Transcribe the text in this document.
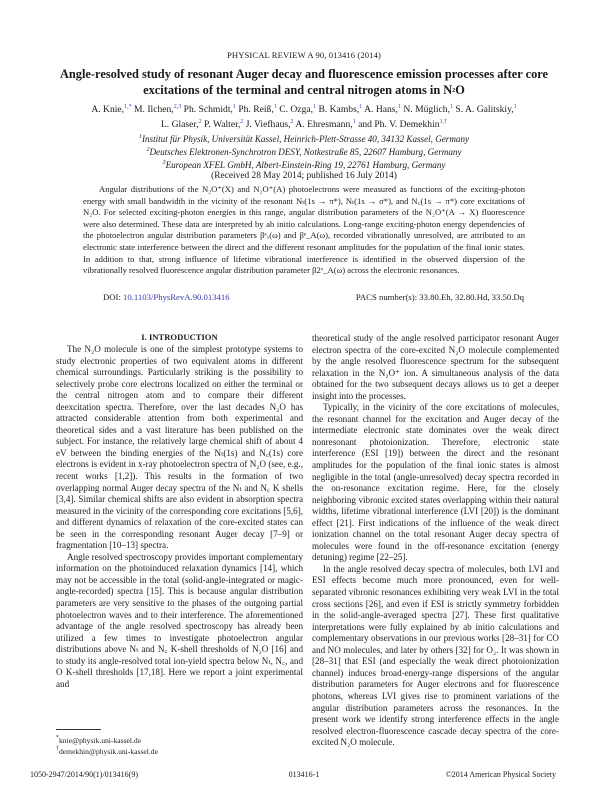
PHYSICAL REVIEW A 90, 013416 (2014)
Angle-resolved study of resonant Auger decay and fluorescence emission processes after core
excitations of the terminal and central nitrogen atoms in $N_2O$
A. Knie,$^{1,*}$ M. Ilchen,$^{2,3}$ Ph. Schmidt,$^1$ Ph. Reiß,$^1$ C. Ozga,$^1$ B. Kambs,$^1$ A. Hans,$^1$ N. Müglich,$^1$ S. A. Galitskiy,$^1$
L. Glaser,$^2$ P. Walter,$^2$ J. Viefhaus,$^2$ A. Ehresmann,$^1$ and Ph. V. Demekhin$^{1,\dagger}$
$^1$Institut für Physik, Universität Kassel, Heinrich-Plett-Strasse 40, 34132 Kassel, Germany
$^2$Deutsches Elektronen-Synchrotron DESY, Notkestraße 85, 22607 Hamburg, Germany
$^3$European XFEL GmbH, Albert-Einstein-Ring 19, 22761 Hamburg, Germany
(Received 28 May 2014; published 16 July 2014)
Angular distributions of the N₂O⁺(X) and N₂O⁺(A) photoelectrons were measured as functions of the exciting-photon energy with small bandwidth in the vicinity of the resonant Nₜ(1s → π*), Nₜ(1s → σ*), and N꜀(1s → π*) core excitations of N₂O. For selected exciting-photon energies in this range, angular distribution parameters of the N₂O⁺(A → X) fluorescence were also determined. These data are interpreted by ab initio calculations. Long-range exciting-photon energy dependencies of the photoelectron angular distribution parameters βᵉₓ(ω) and βᵉ_A(ω), recorded vibrationally unresolved, are attributed to an electronic state interference between the direct and the different resonant amplitudes for the population of the final ionic states. In addition to that, strong influence of lifetime vibrational interference is identified in the observed dispersion of the vibrationally resolved fluorescence angular distribution parameter β2ˣ_A(ω) across the electronic resonances.
DOI: 10.1103/PhysRevA.90.013416	PACS number(s): 33.80.Eh, 32.80.Hd, 33.50.Dq
I. INTRODUCTION

The N₂O molecule is one of the simplest prototype systems to study electronic properties of two equivalent atoms in different chemical surroundings. Particularly striking is the possibility to selectively probe core electrons localized on either the terminal or the central nitrogen atom and to compare their different deexcitation spectra. Therefore, over the last decades N₂O has attracted considerable attention from both experimental and theoretical sides and a vast literature has been published on the subject. For instance, the relatively large chemical shift of about 4 eV between the binding energies of the Nₜ(1s) and N꜀(1s) core electrons is evident in x-ray photoelectron spectra of N₂O (see, e.g., recent works [1,2]). This results in the formation of two overlapping normal Auger decay spectra of the Nₜ and N꜀ K shells [3,4]. Similar chemical shifts are also evident in absorption spectra measured in the vicinity of the corresponding core excitations [5,6], and different dynamics of relaxation of the core-excited states can be seen in the corresponding resonant Auger decay [7–9] or fragmentation [10–13] spectra.

Angle resolved spectroscopy provides important complementary information on the photoinduced relaxation dynamics [14], which may not be accessible in the total (solid-angle-integrated or magic-angle-recorded) spectra [15]. This is because angular distribution parameters are very sensitive to the phases of the outgoing partial photoelectron waves and to their interference. The aforementioned advantage of the angle resolved spectroscopy has already been utilized a few times to investigate photoelectron angular distributions above Nₜ and N꜀ K-shell thresholds of N₂O [16] and to study its angle-resolved total ion-yield spectra below Nₜ, N꜀, and O K-shell thresholds [17,18]. Here we report a joint experimental and

theoretical study of the angle resolved participator resonant Auger electron spectra of the core-excited N₂O molecule complemented by the angle resolved fluorescence spectrum for the subsequent relaxation in the N₂O⁺ ion. A simultaneous analysis of the data obtained for the two subsequent decays allows us to get a deeper insight into the processes.

Typically, in the vicinity of the core excitations of molecules, the resonant channel for the excitation and Auger decay of the intermediate electronic state dominates over the weak direct nonresonant photoionization. Therefore, electronic state interference (ESI [19]) between the direct and the resonant amplitudes for the population of the final ionic states is almost negligible in the total (angle-unresolved) decay spectra recorded in the on-resonance excitation regime. Here, for the closely neighboring vibronic excited states overlapping within their natural widths, lifetime vibrational interference (LVI [20]) is the dominant effect [21]. First indications of the influence of the weak direct ionization channel on the total resonant Auger decay spectra of molecules were found in the off-resonance excitation (energy detuning) regime [22–25].

In the angle resolved decay spectra of molecules, both LVI and ESI effects become much more pronounced, even for well-separated vibronic resonances exhibiting very weak LVI in the total cross sections [26], and even if ESI is strictly symmetry forbidden in the solid-angle-averaged spectra [27]. These first qualitative interpretations were fully explained by ab initio calculations and complementary observations in our previous works [28–31] for CO and NO molecules, and later by others [32] for O₂. It was shown in [28–31] that ESI (and especially the weak direct photoionization channel) induces broad-energy-range dispersions of the angular distribution parameters for Auger electrons and for fluorescence photons, whereas LVI gives rise to prominent variations of the angular distribution parameters across the resonances. In the present work we identify strong interference effects in the angle resolved electron-fluorescence cascade decay spectra of the core-excited N₂O molecule.

*knie@physik.uni-kassel.de
†demekhin@physik.uni-kassel.de
1050-2947/2014/90(1)/013416(9)	013416-1	©2014 American Physical Society
